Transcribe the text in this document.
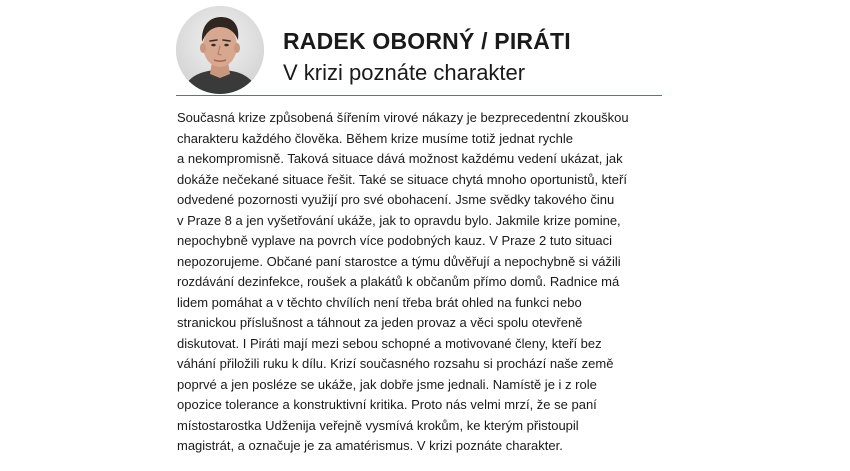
RADEK OBORNÝ / PIRÁTI
V krizi poznáte charakter
Současná krize způsobená šířením virové nákazy je bezprecedentní zkouškou
charakteru každého člověka. Během krize musíme totiž jednat rychle
a nekompromisně. Taková situace dává možnost každému vedení ukázat, jak
dokáže nečekané situace řešit. Také se situace chytá mnoho oportunistů, kteří
odvedené pozornosti využijí pro své obohacení. Jsme svědky takového činu
v Praze 8 a jen vyšetřování ukáže, jak to opravdu bylo. Jakmile krize pomine,
nepochybně vyplave na povrch více podobných kauz. V Praze 2 tuto situaci
nepozorujeme. Občané paní starostce a týmu důvěřují a nepochybně si vážili
rozdávání dezinfekce, roušek a plakátů k občanům přímo domů. Radnice má
lidem pomáhat a v těchto chvílích není třeba brát ohled na funkci nebo
stranickou příslušnost a táhnout za jeden provaz a věci spolu otevřeně
diskutovat. I Piráti mají mezi sebou schopné a motivované členy, kteří bez
váhání přiložili ruku k dílu. Krizí současného rozsahu si prochází naše země
poprvé a jen posléze se ukáže, jak dobře jsme jednali. Namístě je i z role
opozice tolerance a konstruktivní kritika. Proto nás velmi mrzí, že se paní
místostarostka Udženija veřejně vysmívá krokům, ke kterým přistoupil
magistrát, a označuje je za amatérismus. V krizi poznáte charakter.
